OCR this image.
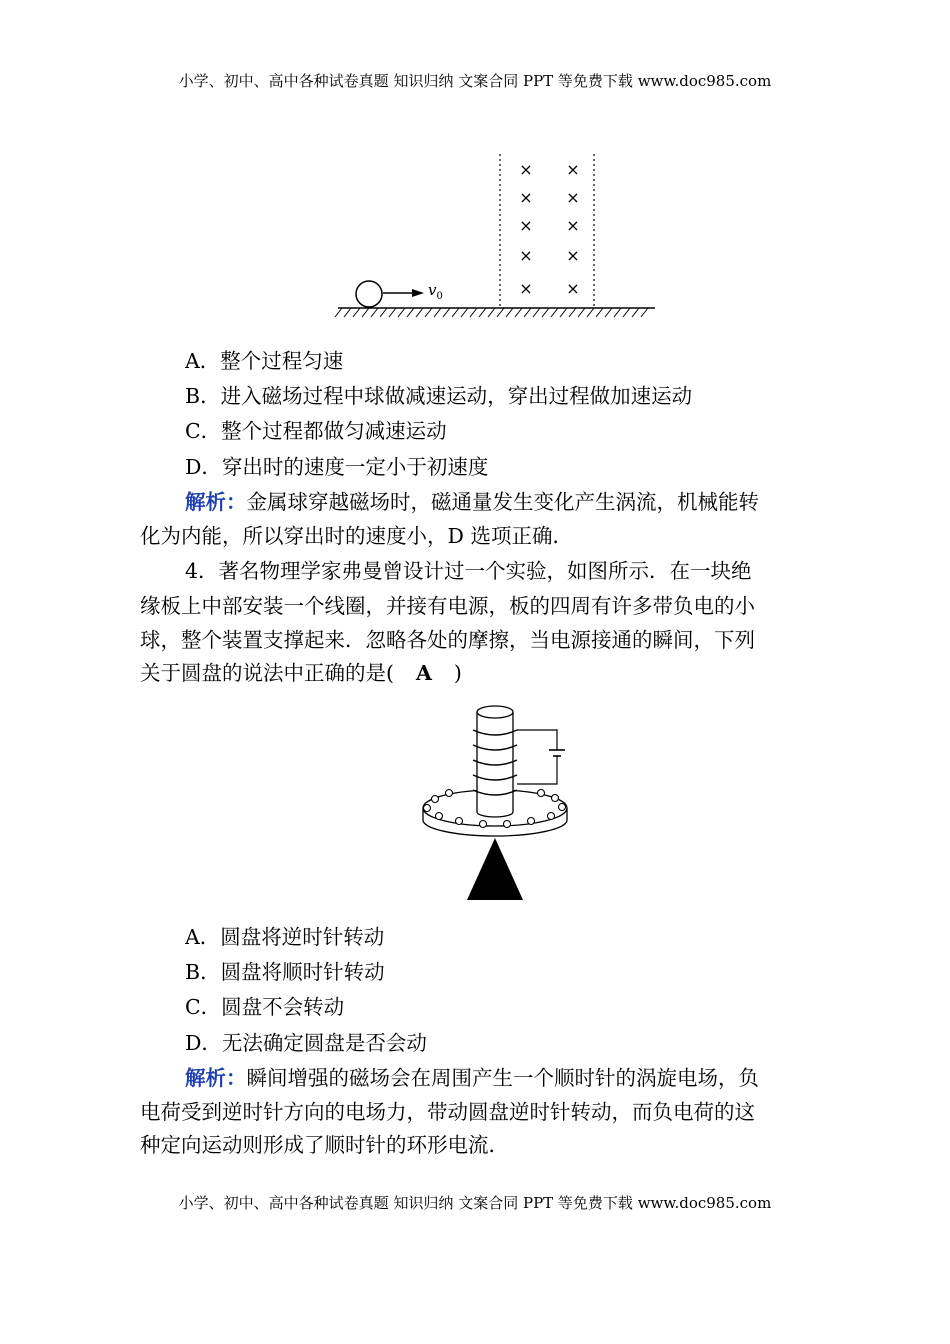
小学、初中、高中各种试卷真题 知识归纳 文案合同 PPT 等免费下载 www.doc985.com
× ×
× ×
× ×
× ×
× ×
$v_0$
A．整个过程匀速
B．进入磁场过程中球做减速运动，穿出过程做加速运动
C．整个过程都做匀减速运动
D．穿出时的速度一定小于初速度
解析：金属球穿越磁场时，磁通量发生变化产生涡流，机械能转
化为内能，所以穿出时的速度小，D 选项正确．
4．著名物理学家弗曼曾设计过一个实验，如图所示．在一块绝
缘板上中部安装一个线圈，并接有电源，板的四周有许多带负电的小
球，整个装置支撑起来．忽略各处的摩擦，当电源接通的瞬间，下列
关于圆盘的说法中正确的是( A )
A．圆盘将逆时针转动
B．圆盘将顺时针转动
C．圆盘不会转动
D．无法确定圆盘是否会动
解析：瞬间增强的磁场会在周围产生一个顺时针的涡旋电场，负
电荷受到逆时针方向的电场力，带动圆盘逆时针转动，而负电荷的这
种定向运动则形成了顺时针的环形电流．
小学、初中、高中各种试卷真题 知识归纳 文案合同 PPT 等免费下载 www.doc985.com
